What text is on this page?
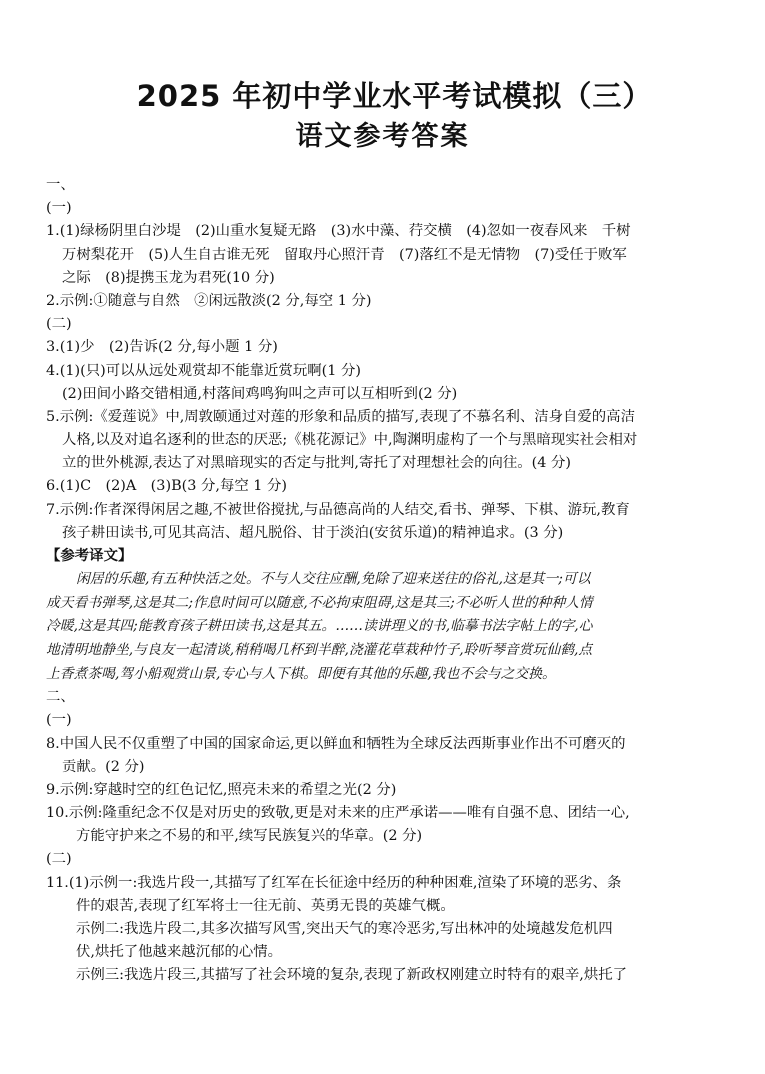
2025 年初中学业水平考试模拟（三）
语文参考答案
一、
(一)
1.(1)绿杨阴里白沙堤　(2)山重水复疑无路　(3)水中藻、荇交横　(4)忽如一夜春风来　千树
万树梨花开　(5)人生自古谁无死　留取丹心照汗青　(7)落红不是无情物　(7)受任于败军
之际　(8)提携玉龙为君死(10 分)
2.示例:①随意与自然　②闲远散淡(2 分,每空 1 分)
(二)
3.(1)少　(2)告诉(2 分,每小题 1 分)
4.(1)(只)可以从远处观赏却不能靠近赏玩啊(1 分)
(2)田间小路交错相通,村落间鸡鸣狗叫之声可以互相听到(2 分)
5.示例:《爱莲说》中,周敦颐通过对莲的形象和品质的描写,表现了不慕名利、洁身自爱的高洁
人格,以及对追名逐利的世态的厌恶;《桃花源记》中,陶渊明虚构了一个与黑暗现实社会相对
立的世外桃源,表达了对黑暗现实的否定与批判,寄托了对理想社会的向往。(4 分)
6.(1)C　(2)A　(3)B(3 分,每空 1 分)
7.示例:作者深得闲居之趣,不被世俗搅扰,与品德高尚的人结交,看书、弹琴、下棋、游玩,教育
孩子耕田读书,可见其高洁、超凡脱俗、甘于淡泊(安贫乐道)的精神追求。(3 分)
【参考译文】
闲居的乐趣,有五种快活之处。不与人交往应酬,免除了迎来送往的俗礼,这是其一;可以
成天看书弹琴,这是其二;作息时间可以随意,不必拘束阻碍,这是其三;不必听人世的种种人情
冷暖,这是其四;能教育孩子耕田读书,这是其五。……读讲理义的书,临摹书法字帖上的字,心
地清明地静坐,与良友一起清谈,稍稍喝几杯到半醉,浇灌花草栽种竹子,聆听琴音赏玩仙鹤,点
上香煮茶喝,驾小船观赏山景,专心与人下棋。即便有其他的乐趣,我也不会与之交换。
二、
(一)
8.中国人民不仅重塑了中国的国家命运,更以鲜血和牺牲为全球反法西斯事业作出不可磨灭的
贡献。(2 分)
9.示例:穿越时空的红色记忆,照亮未来的希望之光(2 分)
10.示例:隆重纪念不仅是对历史的致敬,更是对未来的庄严承诺——唯有自强不息、团结一心,
方能守护来之不易的和平,续写民族复兴的华章。(2 分)
(二)
11.(1)示例一:我选片段一,其描写了红军在长征途中经历的种种困难,渲染了环境的恶劣、条
件的艰苦,表现了红军将士一往无前、英勇无畏的英雄气概。
示例二:我选片段二,其多次描写风雪,突出天气的寒冷恶劣,写出林冲的处境越发危机四
伏,烘托了他越来越沉郁的心情。
示例三:我选片段三,其描写了社会环境的复杂,表现了新政权刚建立时特有的艰辛,烘托了
